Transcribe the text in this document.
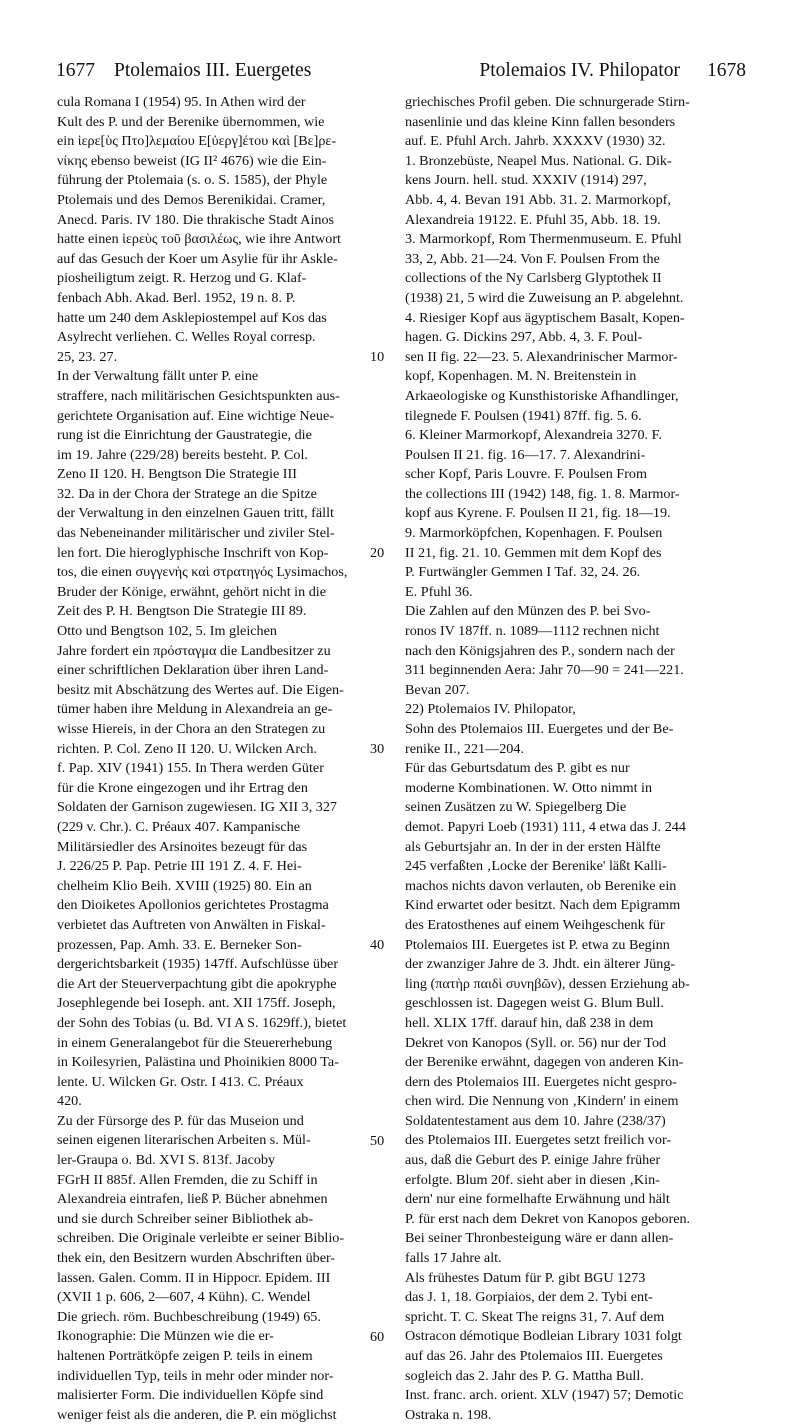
1677 Ptolemaios III. Euergetes	Ptolemaios IV. Philopator 1678
cula Romana I (1954) 95. In Athen wird der
Kult des P. und der Berenike übernommen, wie
ein ἱερε[ὺς Πτο]λεμαίου Ε[ὐεργ]έτου καὶ [Βε]ρε-
νίκης ebenso beweist (IG II² 4676) wie die Ein-
führung der Ptolemaia (s. o. S. 1585), der Phyle
Ptolemais und des Demos Berenikidai. Cramer,
Anecd. Paris. IV 180. Die thrakische Stadt Ainos
hatte einen ἱερεὺς τοῦ βασιλέως, wie ihre Antwort
auf das Gesuch der Koer um Asylie für ihr Askle-
piosheiligtum zeigt. R. Herzog und G. Klaf-
fenbach Abh. Akad. Berl. 1952, 19 n. 8. P.
hatte um 240 dem Asklepiostempel auf Kos das
Asylrecht verliehen. C. Welles Royal corresp.
25, 23. 27.
In der Verwaltung fällt unter P. eine
straffere, nach militärischen Gesichtspunkten aus-
gerichtete Organisation auf. Eine wichtige Neue-
rung ist die Einrichtung der Gaustrategie, die
im 19. Jahre (229/28) bereits besteht. P. Col.
Zeno II 120. H. Bengtson Die Strategie III
32. Da in der Chora der Stratege an die Spitze
der Verwaltung in den einzelnen Gauen tritt, fällt
das Nebeneinander militärischer und ziviler Stel-
len fort. Die hieroglyphische Inschrift von Kop-
tos, die einen συγγενὴς καὶ στρατηγός Lysimachos,
Bruder der Könige, erwähnt, gehört nicht in die
Zeit des P. H. Bengtson Die Strategie III 89.
Otto und Bengtson 102, 5. Im gleichen
Jahre fordert ein πρόσταγμα die Landbesitzer zu
einer schriftlichen Deklaration über ihren Land-
besitz mit Abschätzung des Wertes auf. Die Eigen-
tümer haben ihre Meldung in Alexandreia an ge-
wisse Hiereis, in der Chora an den Strategen zu
richten. P. Col. Zeno II 120. U. Wilcken Arch.
f. Pap. XIV (1941) 155. In Thera werden Güter
für die Krone eingezogen und ihr Ertrag den
Soldaten der Garnison zugewiesen. IG XII 3, 327
(229 v. Chr.). C. Préaux 407. Kampanische
Militärsiedler des Arsinoites bezeugt für das
J. 226/25 P. Pap. Petrie III 191 Z. 4. F. Hei-
chelheim Klio Beih. XVIII (1925) 80. Ein an
den Dioiketes Apollonios gerichtetes Prostagma
verbietet das Auftreten von Anwälten in Fiskal-
prozessen, Pap. Amh. 33. E. Berneker Son-
dergerichtsbarkeit (1935) 147ff. Aufschlüsse über
die Art der Steuerverpachtung gibt die apokryphe
Josephlegende bei Ioseph. ant. XII 175ff. Joseph,
der Sohn des Tobias (u. Bd. VI A S. 1629ff.), bietet
in einem Generalangebot für die Steuererhebung
in Koilesyrien, Palästina und Phoinikien 8000 Ta-
lente. U. Wilcken Gr. Ostr. I 413. C. Préaux
420.
Zu der Fürsorge des P. für das Museion und
seinen eigenen literarischen Arbeiten s. Mül-
ler-Graupa o. Bd. XVI S. 813f. Jacoby
FGrH II 885f. Allen Fremden, die zu Schiff in
Alexandreia eintrafen, ließ P. Bücher abnehmen
und sie durch Schreiber seiner Bibliothek ab-
schreiben. Die Originale verleibte er seiner Biblio-
thek ein, den Besitzern wurden Abschriften über-
lassen. Galen. Comm. II in Hippocr. Epidem. III
(XVII 1 p. 606, 2—607, 4 Kühn). C. Wendel
Die griech. röm. Buchbeschreibung (1949) 65.
Ikonographie: Die Münzen wie die er-
haltenen Porträtköpfe zeigen P. teils in einem
individuellen Typ, teils in mehr oder minder nor-
malisierter Form. Die individuellen Köpfe sind
weniger feist als die anderen, die P. ein möglichst
10
20
30
40
50
60
griechisches Profil geben. Die schnurgerade Stirn-
nasenlinie und das kleine Kinn fallen besonders
auf. E. Pfuhl Arch. Jahrb. XXXXV (1930) 32.
1. Bronzebüste, Neapel Mus. National. G. Dik-
kens Journ. hell. stud. XXXIV (1914) 297,
Abb. 4, 4. Bevan 191 Abb. 31. 2. Marmorkopf,
Alexandreia 19122. E. Pfuhl 35, Abb. 18. 19.
3. Marmorkopf, Rom Thermenmuseum. E. Pfuhl
33, 2, Abb. 21—24. Von F. Poulsen From the
collections of the Ny Carlsberg Glyptothek II
(1938) 21, 5 wird die Zuweisung an P. abgelehnt.
4. Riesiger Kopf aus ägyptischem Basalt, Kopen-
hagen. G. Dickins 297, Abb. 4, 3. F. Poul-
sen II fig. 22—23. 5. Alexandrinischer Marmor-
kopf, Kopenhagen. M. N. Breitenstein in
Arkaeologiske og Kunsthistoriske Afhandlinger,
tilegnede F. Poulsen (1941) 87ff. fig. 5. 6.
6. Kleiner Marmorkopf, Alexandreia 3270. F.
Poulsen II 21. fig. 16—17. 7. Alexandrini-
scher Kopf, Paris Louvre. F. Poulsen From
the collections III (1942) 148, fig. 1. 8. Marmor-
kopf aus Kyrene. F. Poulsen II 21, fig. 18—19.
9. Marmorköpfchen, Kopenhagen. F. Poulsen
II 21, fig. 21. 10. Gemmen mit dem Kopf des
P. Furtwängler Gemmen I Taf. 32, 24. 26.
E. Pfuhl 36.
Die Zahlen auf den Münzen des P. bei Svo-
ronos IV 187ff. n. 1089—1112 rechnen nicht
nach den Königsjahren des P., sondern nach der
311 beginnenden Aera: Jahr 70—90 = 241—221.
Bevan 207.
22) Ptolemaios IV. Philopator,
Sohn des Ptolemaios III. Euergetes und der Be-
renike II., 221—204.
Für das Geburtsdatum des P. gibt es nur
moderne Kombinationen. W. Otto nimmt in
seinen Zusätzen zu W. Spiegelberg Die
demot. Papyri Loeb (1931) 111, 4 etwa das J. 244
als Geburtsjahr an. In der in der ersten Hälfte
245 verfaßten ‚Locke der Berenike' läßt Kalli-
machos nichts davon verlauten, ob Berenike ein
Kind erwartet oder besitzt. Nach dem Epigramm
des Eratosthenes auf einem Weihgeschenk für
Ptolemaios III. Euergetes ist P. etwa zu Beginn
der zwanziger Jahre de 3. Jhdt. ein älterer Jüng-
ling (πατὴρ παιδὶ συνηβῶν), dessen Erziehung ab-
geschlossen ist. Dagegen weist G. Blum Bull.
hell. XLIX 17ff. darauf hin, daß 238 in dem
Dekret von Kanopos (Syll. or. 56) nur der Tod
der Berenike erwähnt, dagegen von anderen Kin-
dern des Ptolemaios III. Euergetes nicht gespro-
chen wird. Die Nennung von ‚Kindern' in einem
Soldatentestament aus dem 10. Jahre (238/37)
des Ptolemaios III. Euergetes setzt freilich vor-
aus, daß die Geburt des P. einige Jahre früher
erfolgte. Blum 20f. sieht aber in diesen ‚Kin-
dern' nur eine formelhafte Erwähnung und hält
P. für erst nach dem Dekret von Kanopos geboren.
Bei seiner Thronbesteigung wäre er dann allen-
falls 17 Jahre alt.
Als frühestes Datum für P. gibt BGU 1273
das J. 1, 18. Gorpiaios, der dem 2. Tybi ent-
spricht. T. C. Skeat The reigns 31, 7. Auf dem
Ostracon démotique Bodleian Library 1031 folgt
auf das 26. Jahr des Ptolemaios III. Euergetes
sogleich das 2. Jahr des P. G. Mattha Bull.
Inst. franc. arch. orient. XLV (1947) 57; Demotic
Ostraka n. 198.
